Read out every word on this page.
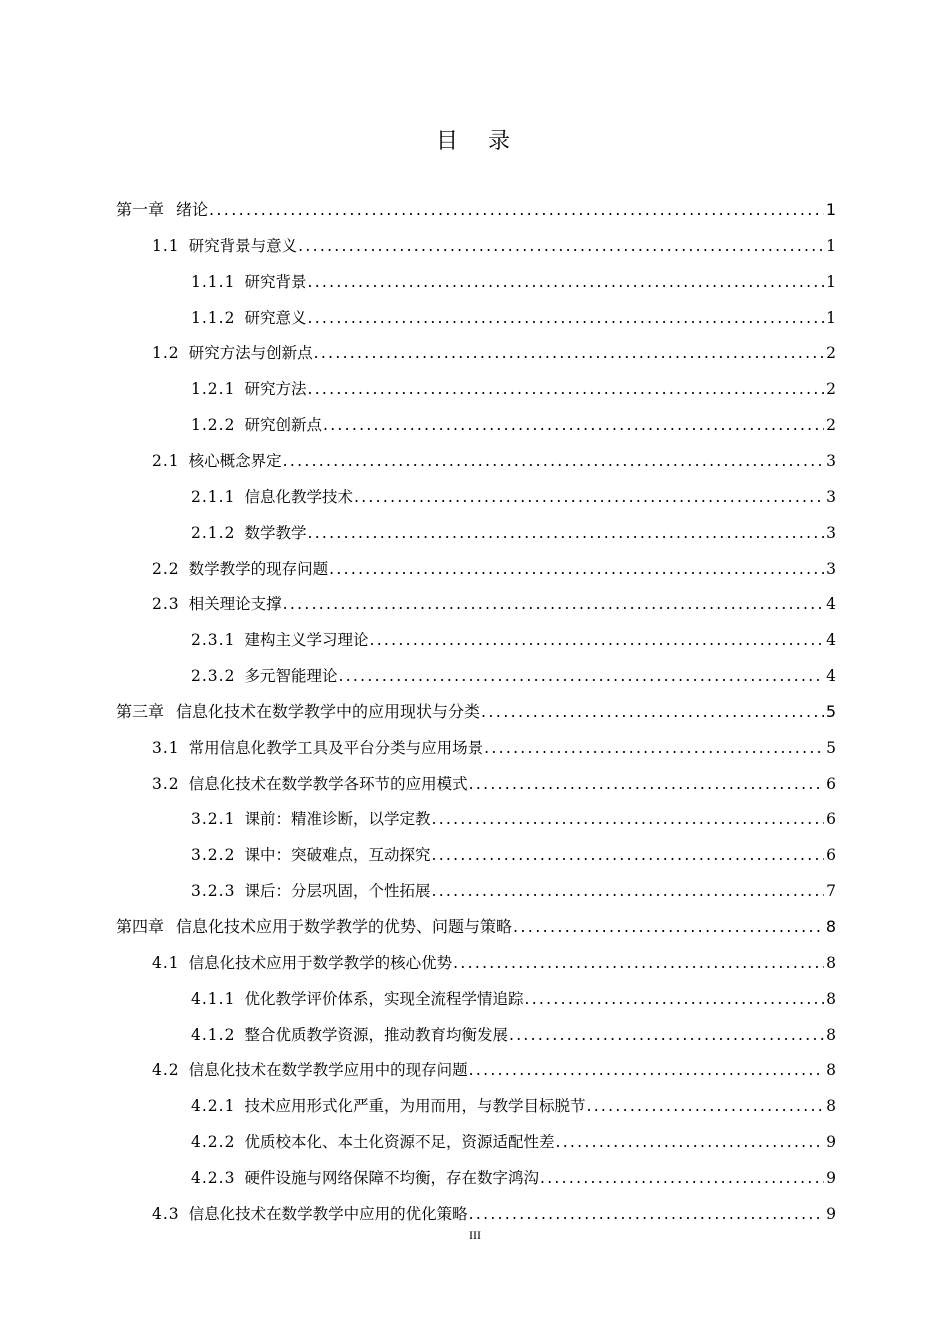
目　录
第一章 绪论 .....	1
1.1 研究背景与意义 .....	1
1.1.1 研究背景 .....	1
1.1.2 研究意义 .....	1
1.2 研究方法与创新点 .....	2
1.2.1 研究方法 .....	2
1.2.2 研究创新点 .....	2
2.1 核心概念界定 .....	3
2.1.1 信息化教学技术 .....	3
2.1.2 数学教学 .....	3
2.2 数学教学的现存问题 .....	3
2.3 相关理论支撑 .....	4
2.3.1 建构主义学习理论 .....	4
2.3.2 多元智能理论 .....	4
第三章 信息化技术在数学教学中的应用现状与分类 .....	5
3.1 常用信息化教学工具及平台分类与应用场景 .....	5
3.2 信息化技术在数学教学各环节的应用模式 .....	6
3.2.1 课前：精准诊断，以学定教 .....	6
3.2.2 课中：突破难点，互动探究 .....	6
3.2.3 课后：分层巩固，个性拓展 .....	7
第四章 信息化技术应用于数学教学的优势、问题与策略 .....	8
4.1 信息化技术应用于数学教学的核心优势 .....	8
4.1.1 优化教学评价体系，实现全流程学情追踪 .....	8
4.1.2 整合优质教学资源，推动教育均衡发展 .....	8
4.2 信息化技术在数学教学应用中的现存问题 .....	8
4.2.1 技术应用形式化严重，为用而用，与教学目标脱节 .....	8
4.2.2 优质校本化、本土化资源不足，资源适配性差 .....	9
4.2.3 硬件设施与网络保障不均衡，存在数字鸿沟 .....	9
4.3 信息化技术在数学教学中应用的优化策略 .....	9
III
